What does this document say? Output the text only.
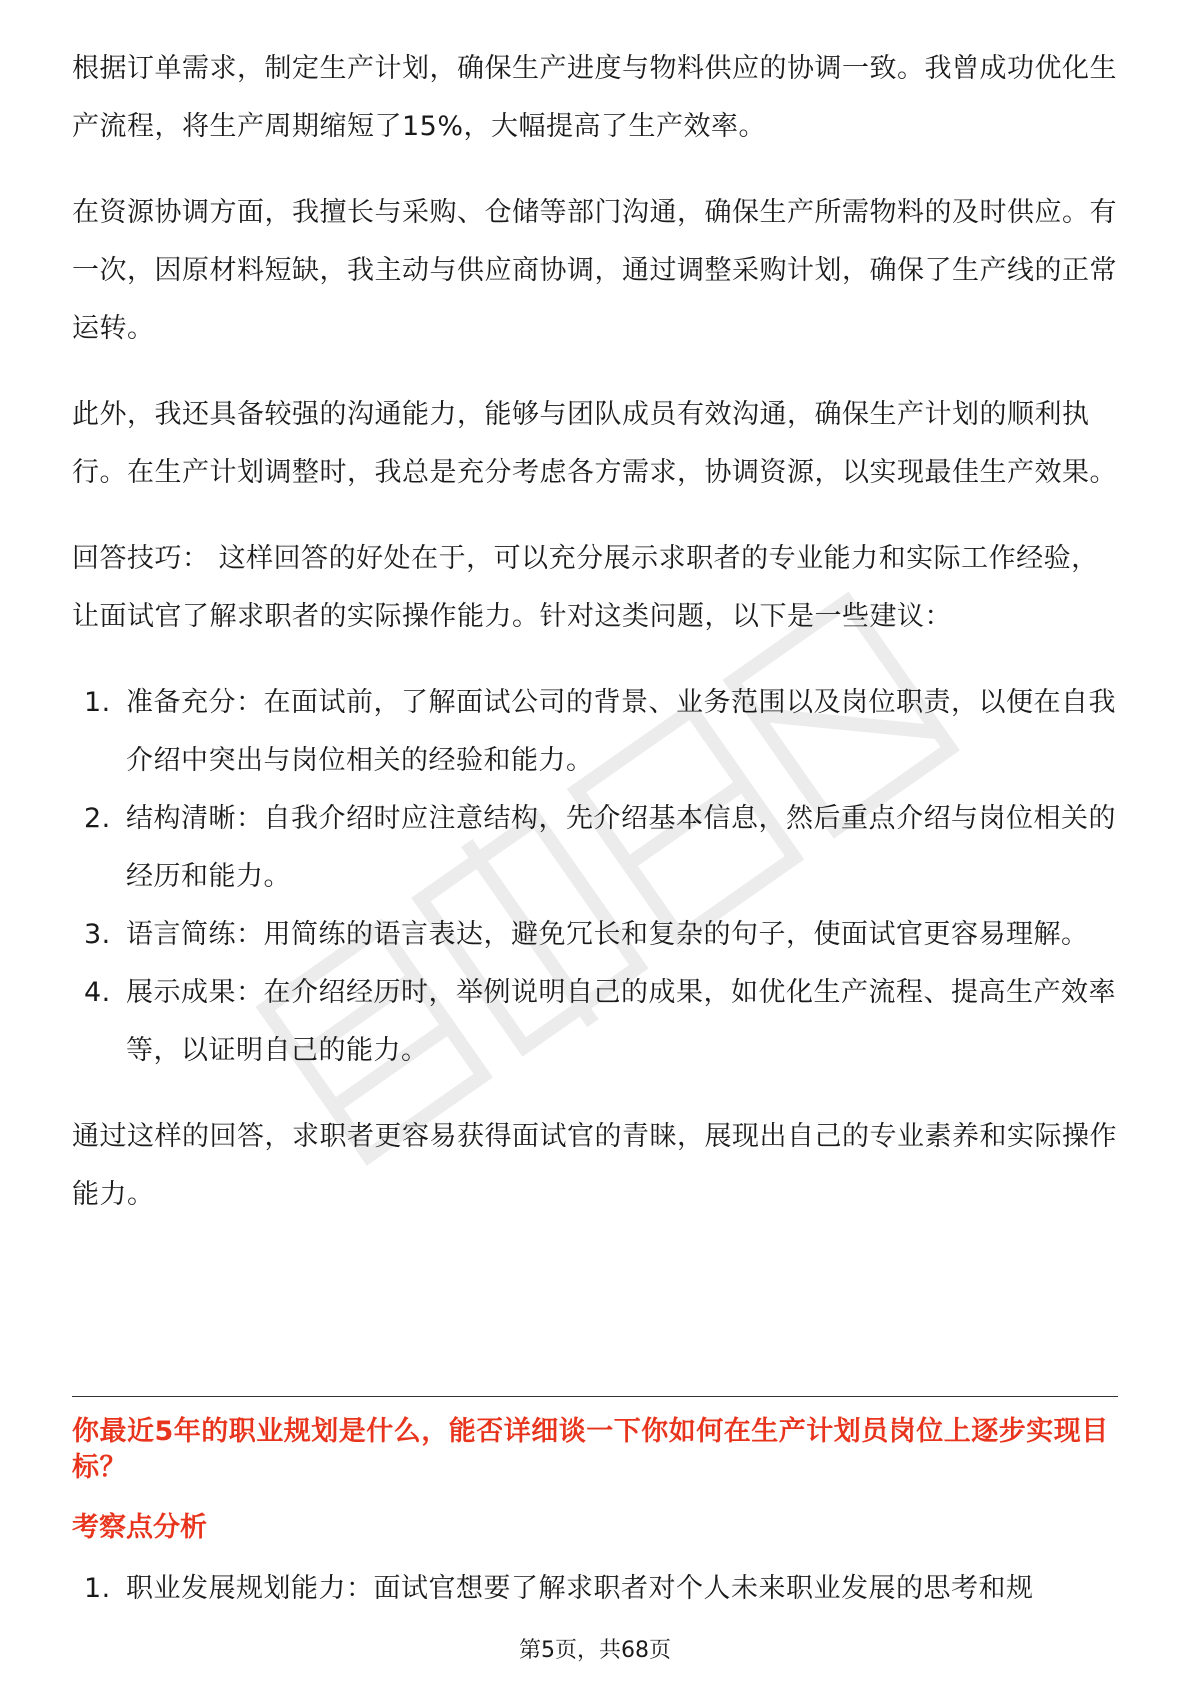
根据订单需求，制定生产计划，确保生产进度与物料供应的协调一致。我曾成功优化生产流程，将生产周期缩短了15%，大幅提高了生产效率。

在资源协调方面，我擅长与采购、仓储等部门沟通，确保生产所需物料的及时供应。有一次，因原材料短缺，我主动与供应商协调，通过调整采购计划，确保了生产线的正常运转。

此外，我还具备较强的沟通能力，能够与团队成员有效沟通，确保生产计划的顺利执行。在生产计划调整时，我总是充分考虑各方需求，协调资源，以实现最佳生产效果。

回答技巧： 这样回答的好处在于，可以充分展示求职者的专业能力和实际工作经验，让面试官了解求职者的实际操作能力。针对这类问题，以下是一些建议：

1. 准备充分：在面试前，了解面试公司的背景、业务范围以及岗位职责，以便在自我介绍中突出与岗位相关的经验和能力。
2. 结构清晰：自我介绍时应注意结构，先介绍基本信息，然后重点介绍与岗位相关的经历和能力。
3. 语言简练：用简练的语言表达，避免冗长和复杂的句子，使面试官更容易理解。
4. 展示成果：在介绍经历时，举例说明自己的成果，如优化生产流程、提高生产效率等，以证明自己的能力。

通过这样的回答，求职者更容易获得面试官的青睐，展现出自己的专业素养和实际操作能力。

你最近5年的职业规划是什么，能否详细谈一下你如何在生产计划员岗位上逐步实现目标？

考察点分析

1. 职业发展规划能力：面试官想要了解求职者对个人未来职业发展的思考和规
第5页，共68页
